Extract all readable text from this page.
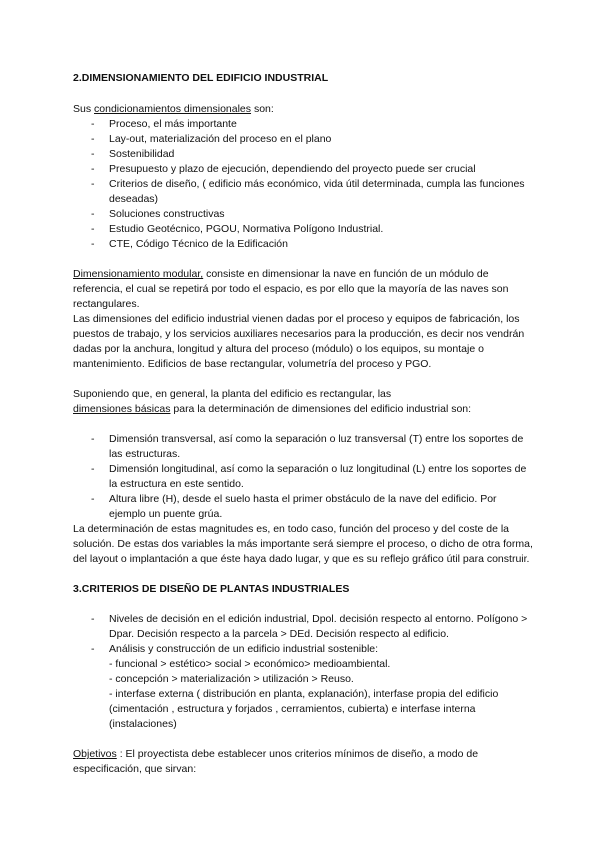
2.DIMENSIONAMIENTO DEL EDIFICIO INDUSTRIAL

Sus condicionamientos dimensionales son:

- Proceso, el más importante
- Lay-out, materialización del proceso en el plano
- Sostenibilidad
- Presupuesto y plazo de ejecución, dependiendo del proyecto puede ser crucial
- Criterios de diseño, ( edificio más económico, vida útil determinada, cumpla las funciones deseadas)
- Soluciones constructivas
- Estudio Geotécnico, PGOU, Normativa Polígono Industrial.
- CTE, Código Técnico de la Edificación

Dimensionamiento modular, consiste en dimensionar la nave en función de un módulo de referencia, el cual se repetirá por todo el espacio, es por ello que la mayoría de las naves son rectangulares.

Las dimensiones del edificio industrial vienen dadas por el proceso y equipos de fabricación, los puestos de trabajo, y los servicios auxiliares necesarios para la producción, es decir nos vendrán dadas por la anchura, longitud y altura del proceso (módulo) o los equipos, su montaje o mantenimiento. Edificios de base rectangular, volumetría del proceso y PGO.

Suponiendo que, en general, la planta del edificio es rectangular, las
dimensiones básicas para la determinación de dimensiones del edificio industrial son:

- Dimensión transversal, así como la separación o luz transversal (T) entre los soportes de las estructuras.
- Dimensión longitudinal, así como la separación o luz longitudinal (L) entre los soportes de la estructura en este sentido.
- Altura libre (H), desde el suelo hasta el primer obstáculo de la nave del edificio. Por ejemplo un puente grúa.

La determinación de estas magnitudes es, en todo caso, función del proceso y del coste de la solución. De estas dos variables la más importante será siempre el proceso, o dicho de otra forma, del layout o implantación a que éste haya dado lugar, y que es su reflejo gráfico útil para construir.

3.CRITERIOS DE DISEÑO DE PLANTAS INDUSTRIALES
- Niveles de decisión en el edición industrial, Dpol. decisión respecto al entorno. Polígono > Dpar. Decisión respecto a la parcela > DEd. Decisión respecto al edificio.
- Análisis y construcción de un edificio industrial sostenible:
- funcional > estético> social > económico> medioambiental.
- concepción > materialización > utilización > Reuso.
- interfase externa ( distribución en planta, explanación), interfase propia del edificio (cimentación , estructura y forjados , cerramientos, cubierta) e interfase interna (instalaciones)

Objetivos : El proyectista debe establecer unos criterios mínimos de diseño, a modo de especificación, que sirvan:
